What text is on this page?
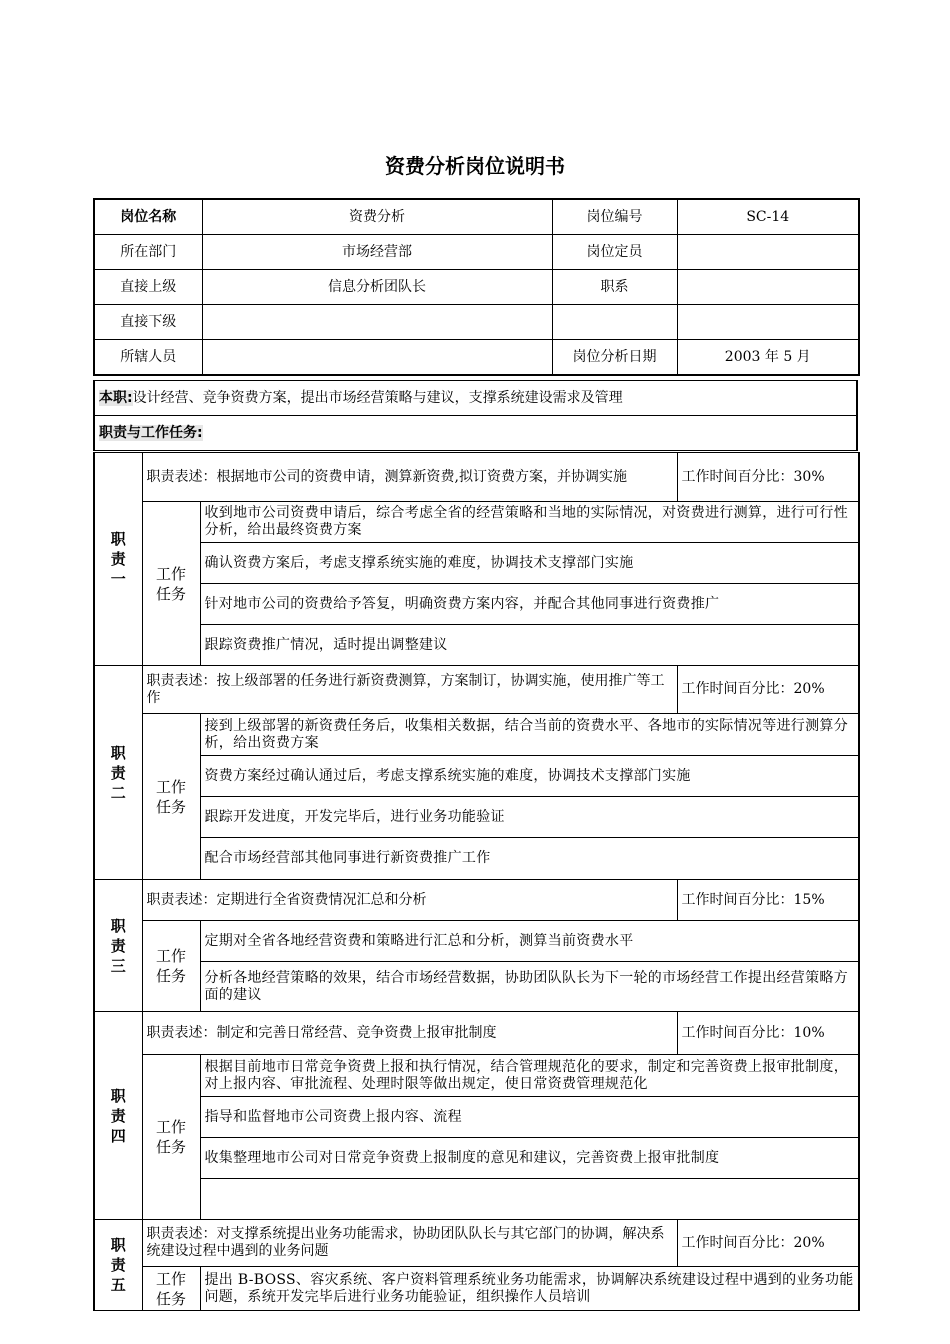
资费分析岗位说明书
岗位名称	资费分析	岗位编号	SC-14
所在部门	市场经营部	岗位定员	
直接上级	信息分析团队长	职系	
直接下级			
所辖人员		岗位分析日期	2003 年 5 月
本职:设计经营、竞争资费方案，提出市场经营策略与建议，支撑系统建设需求及管理
职责与工作任务:
职
责
一	职责表述：根据地市公司的资费申请，测算新资费,拟订资费方案，并协调实施		工作时间百分比：30%

	工作
任务	收到地市公司资费申请后，综合考虑全省的经营策略和当地的实际情况，对资费进行测算，进行可行性分析，给出最终资费方案	
		确认资费方案后，考虑支撑系统实施的难度，协调技术支撑部门实施	
		针对地市公司的资费给予答复，明确资费方案内容，并配合其他同事进行资费推广	
		跟踪资费推广情况，适时提出调整建议	

职
责
二	职责表述：按上级部署的任务进行新资费测算，方案制订，协调实施，使用推广等工作		工作时间百分比：20%

	工作
任务	接到上级部署的新资费任务后，收集相关数据，结合当前的资费水平、各地市的实际情况等进行测算分析，给出资费方案	
		资费方案经过确认通过后，考虑支撑系统实施的难度，协调技术支撑部门实施	
		跟踪开发进度，开发完毕后，进行业务功能验证	
		配合市场经营部其他同事进行新资费推广工作	

职
责
三	职责表述：定期进行全省资费情况汇总和分析		工作时间百分比：15%

	工作
任务	定期对全省各地经营资费和策略进行汇总和分析，测算当前资费水平	
		分析各地经营策略的效果，结合市场经营数据，协助团队队长为下一轮的市场经营工作提出经营策略方面的建议	

职
责
四	职责表述：制定和完善日常经营、竞争资费上报审批制度		工作时间百分比：10%

	工作
任务	根据目前地市日常竞争资费上报和执行情况，结合管理规范化的要求，制定和完善资费上报审批制度，对上报内容、审批流程、处理时限等做出规定，使日常资费管理规范化	
		指导和监督地市公司资费上报内容、流程	
		收集整理地市公司对日常竞争资费上报制度的意见和建议，完善资费上报审批制度	

职
责
五	职责表述：对支撑系统提出业务功能需求，协助团队队长与其它部门的协调，解决系统建设过程中遇到的业务问题		工作时间百分比：20%

	工作
任务	提出 B-BOSS、容灾系统、客户资料管理系统业务功能需求，协调解决系统建设过程中遇到的业务功能问题，系统开发完毕后进行业务功能验证，组织操作人员培训	
